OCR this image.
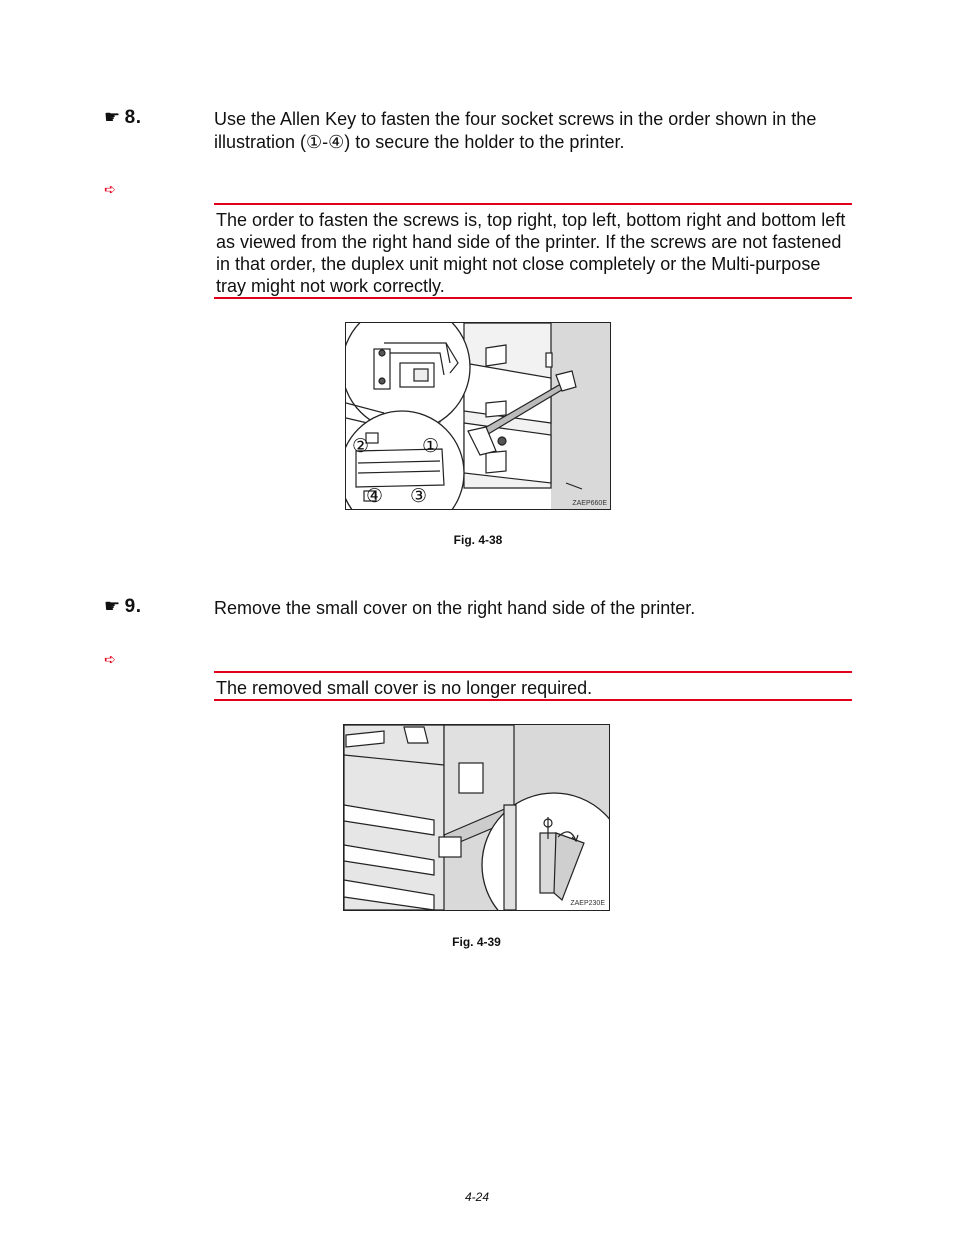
☛ 8.	Use the Allen Key to fasten the four socket screws in the order shown in the illustration (①-④) to secure the holder to the printer.
➪
The order to fasten the screws is, top right, top left, bottom right and bottom left as viewed from the right hand side of the printer. If the screws are not fastened in that order, the duplex unit might not close completely or the Multi-purpose tray might not work correctly.
①
②
③
④	ZAEP660E
Fig. 4-38
☛ 9.	Remove the small cover on the right hand side of the printer.
➪
The removed small cover is no longer required.
ZAEP230E
Fig. 4-39
4-24
